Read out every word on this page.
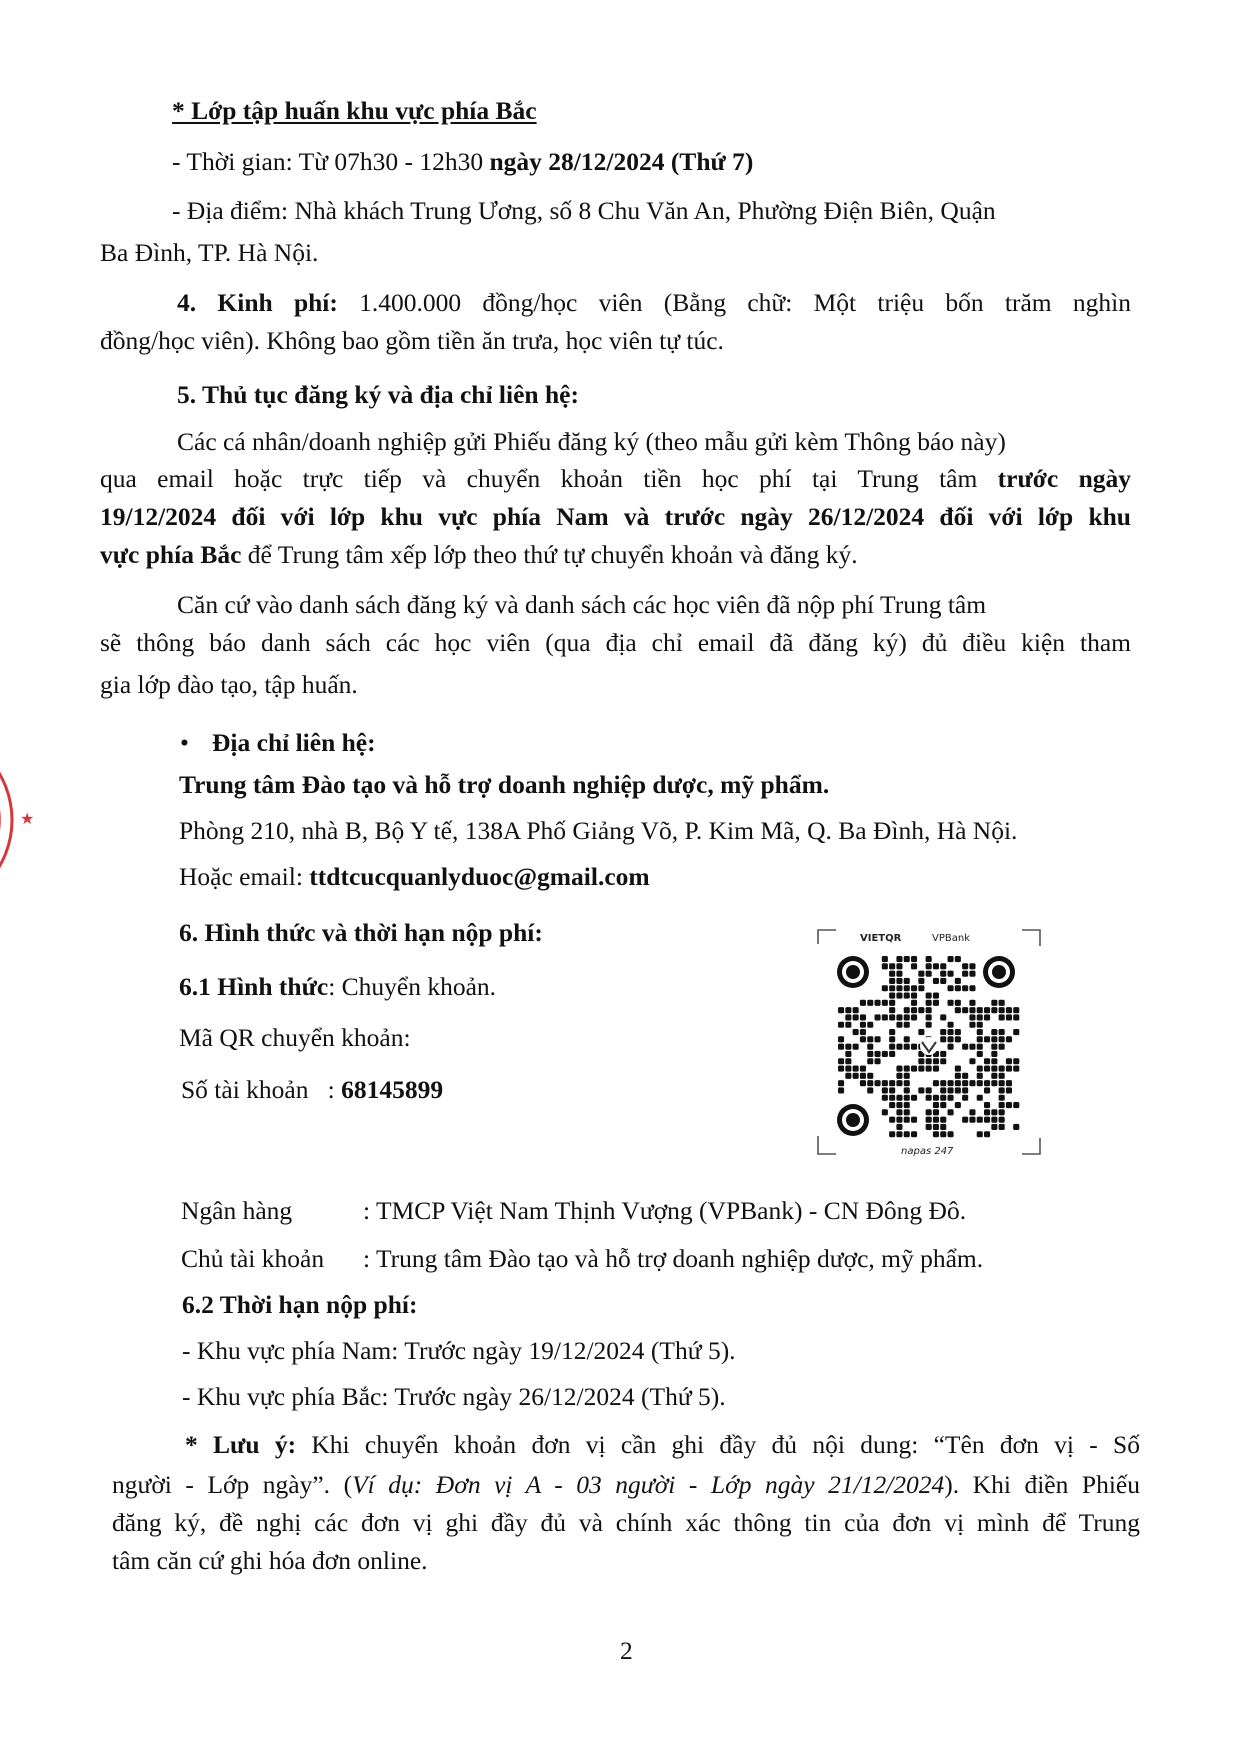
★
* Lớp tập huấn khu vực phía Bắc
- Thời gian: Từ 07h30 - 12h30 ngày 28/12/2024 (Thứ 7)
- Địa điểm: Nhà khách Trung Ương, số 8 Chu Văn An, Phường Điện Biên, Quận
Ba Đình, TP. Hà Nội.
4. Kinh phí: 1.400.000 đồng/học viên (Bằng chữ: Một triệu bốn trăm nghìn
đồng/học viên). Không bao gồm tiền ăn trưa, học viên tự túc.
5. Thủ tục đăng ký và địa chỉ liên hệ:
Các cá nhân/doanh nghiệp gửi Phiếu đăng ký (theo mẫu gửi kèm Thông báo này)
qua email hoặc trực tiếp và chuyển khoản tiền học phí tại Trung tâm trước ngày
19/12/2024 đối với lớp khu vực phía Nam và trước ngày 26/12/2024 đối với lớp khu
vực phía Bắc để Trung tâm xếp lớp theo thứ tự chuyển khoản và đăng ký.
Căn cứ vào danh sách đăng ký và danh sách các học viên đã nộp phí Trung tâm
sẽ thông báo danh sách các học viên (qua địa chỉ email đã đăng ký) đủ điều kiện tham
gia lớp đào tạo, tập huấn.
• Địa chỉ liên hệ:
Trung tâm Đào tạo và hỗ trợ doanh nghiệp dược, mỹ phẩm.
Phòng 210, nhà B, Bộ Y tế, 138A Phố Giảng Võ, P. Kim Mã, Q. Ba Đình, Hà Nội.
Hoặc email: ttdtcucquanlyduoc@gmail.com
6. Hình thức và thời hạn nộp phí:
6.1 Hình thức: Chuyển khoản.
Mã QR chuyển khoản:
Số tài khoản   : 68145899
VIETQR	VPBank
napas 247
Ngân hàng	: TMCP Việt Nam Thịnh Vượng (VPBank) - CN Đông Đô.
Chủ tài khoản : Trung tâm Đào tạo và hỗ trợ doanh nghiệp dược, mỹ phẩm.
6.2 Thời hạn nộp phí:
- Khu vực phía Nam: Trước ngày 19/12/2024 (Thứ 5).
- Khu vực phía Bắc: Trước ngày 26/12/2024 (Thứ 5).
* Lưu ý: Khi chuyển khoản đơn vị cần ghi đầy đủ nội dung: “Tên đơn vị - Số
người - Lớp ngày”. (Ví dụ: Đơn vị A - 03 người - Lớp ngày 21/12/2024). Khi điền Phiếu
đăng ký, đề nghị các đơn vị ghi đầy đủ và chính xác thông tin của đơn vị mình để Trung
tâm căn cứ ghi hóa đơn online.
2
